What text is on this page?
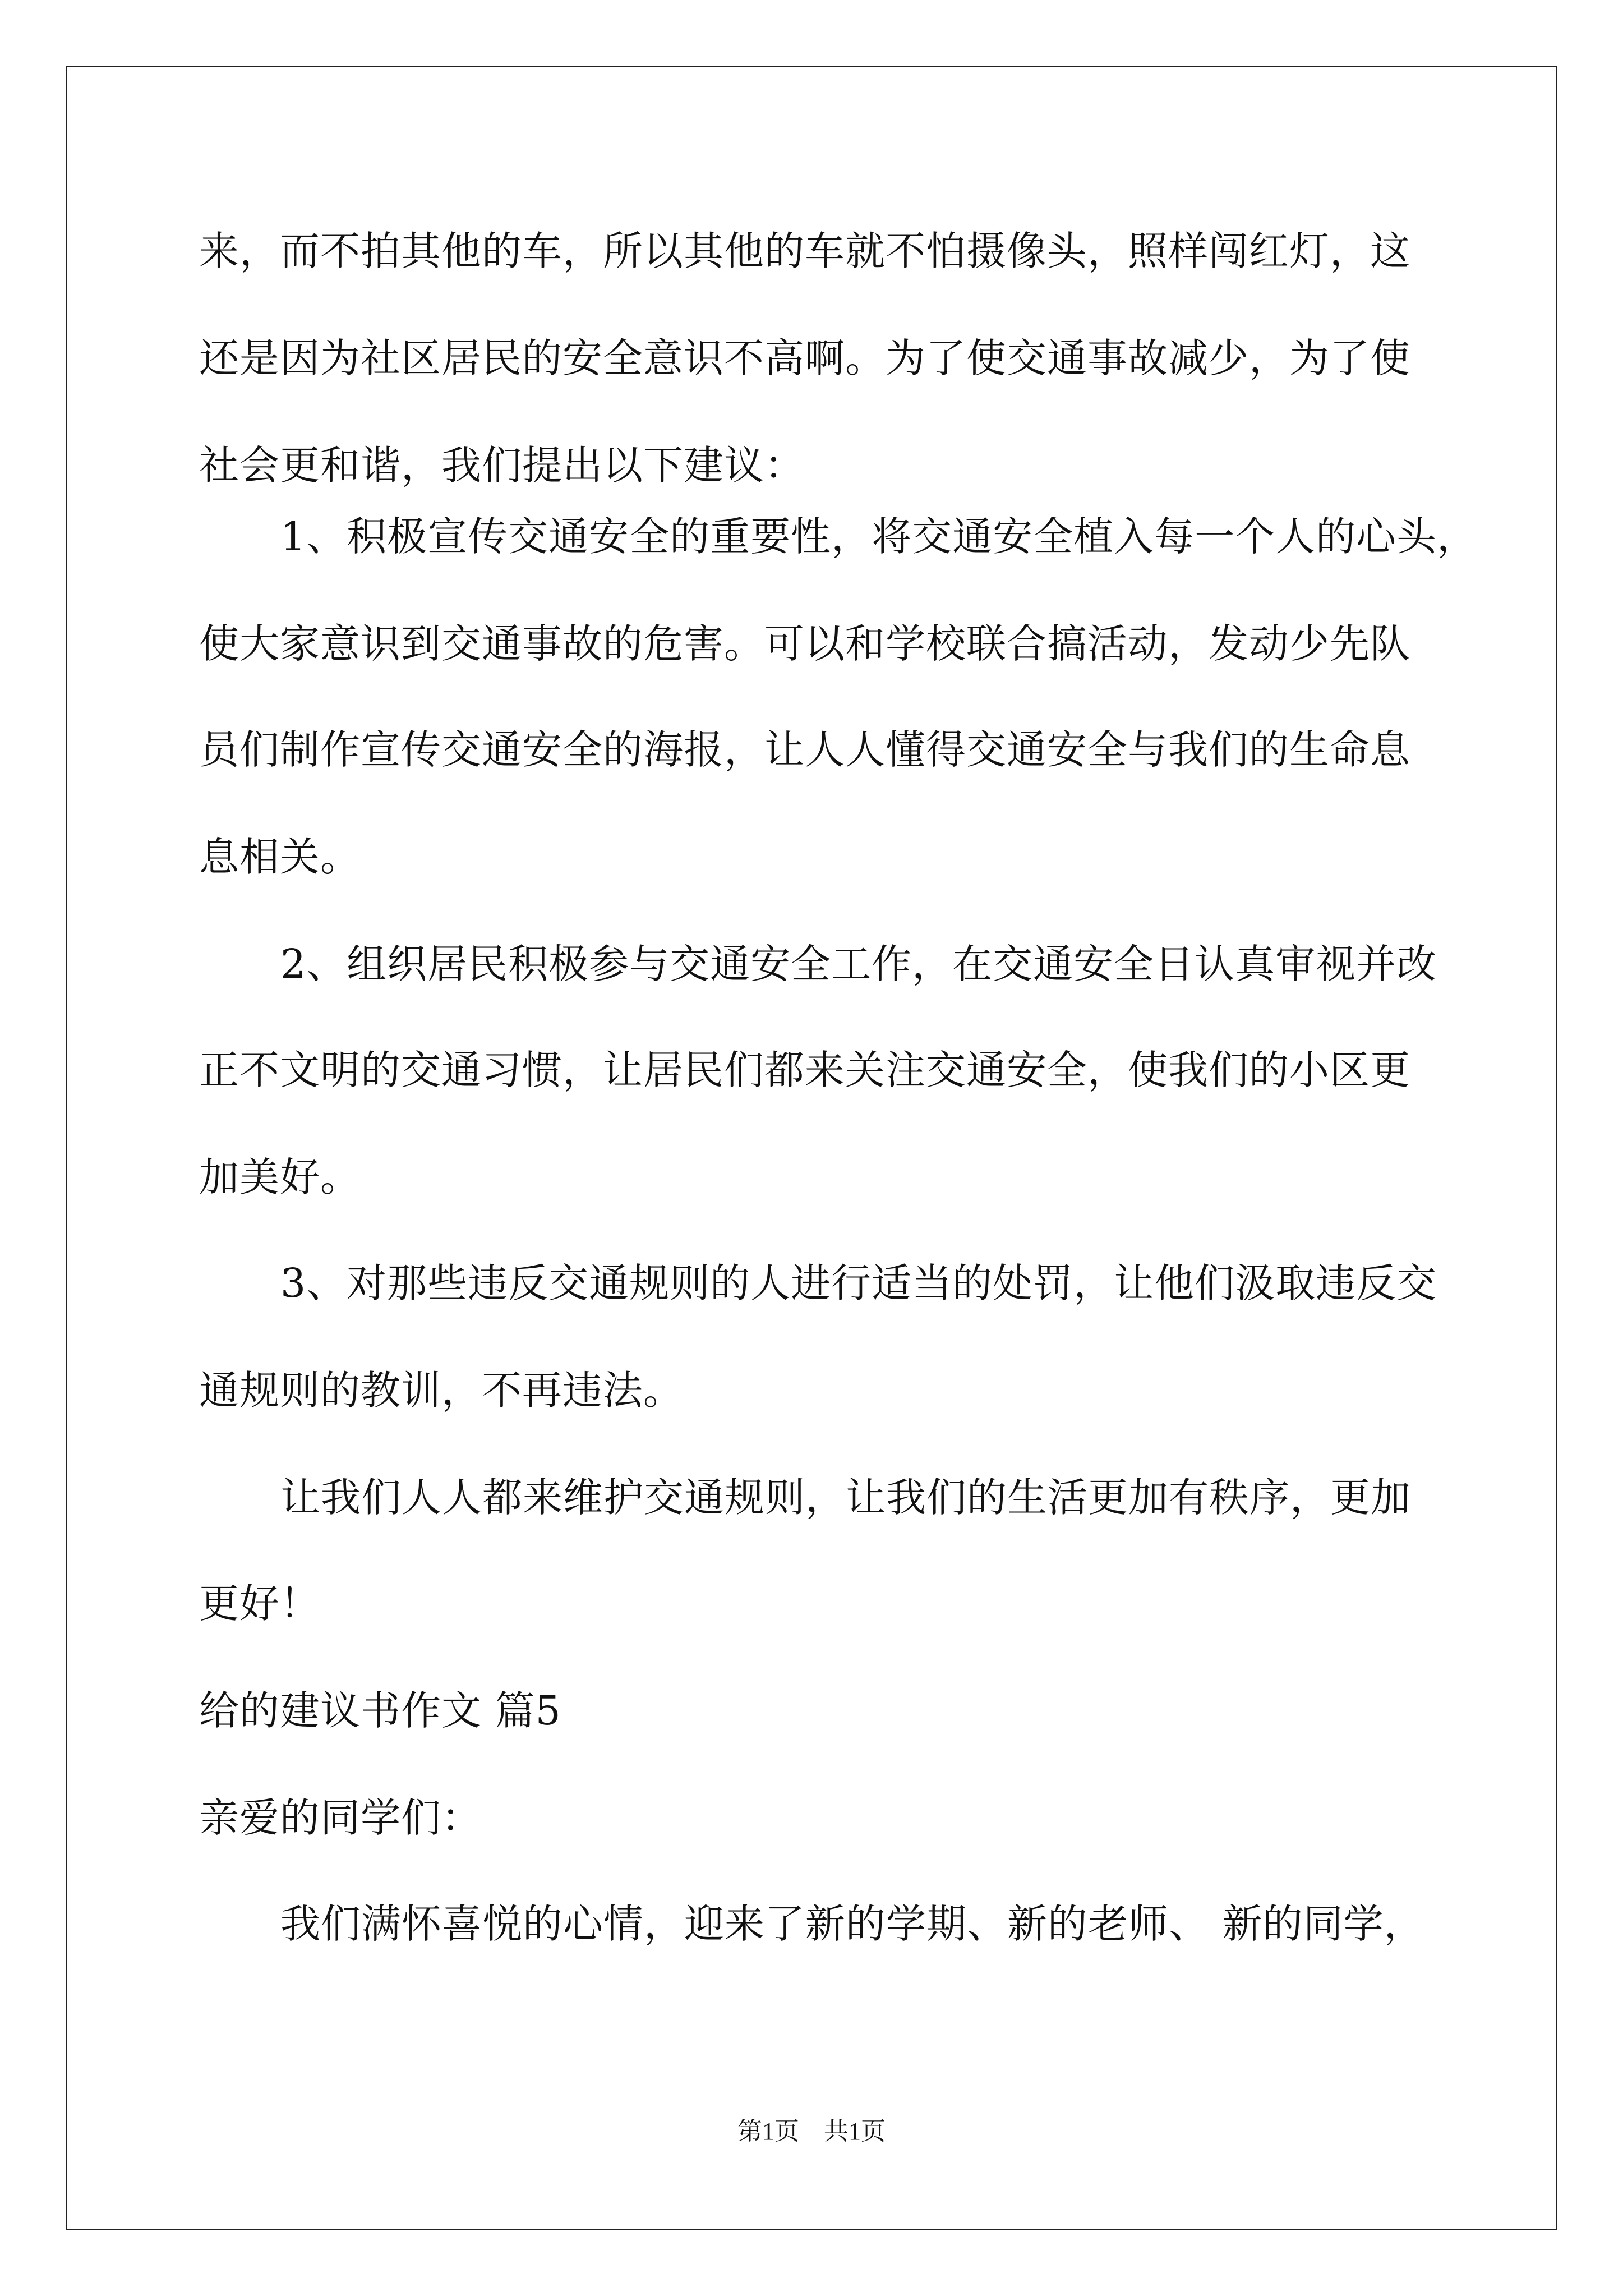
来，而不拍其他的车，所以其他的车就不怕摄像头，照样闯红灯，这
还是因为社区居民的安全意识不高啊。为了使交通事故减少，为了使
社会更和谐，我们提出以下建议：
1、积极宣传交通安全的重要性，将交通安全植入每一个人的心头，
使大家意识到交通事故的危害。可以和学校联合搞活动，发动少先队
员们制作宣传交通安全的海报，让人人懂得交通安全与我们的生命息
息相关。
2、组织居民积极参与交通安全工作，在交通安全日认真审视并改
正不文明的交通习惯，让居民们都来关注交通安全，使我们的小区更
加美好。
3、对那些违反交通规则的人进行适当的处罚，让他们汲取违反交
通规则的教训，不再违法。
让我们人人都来维护交通规则，让我们的生活更加有秩序，更加
更好！
给的建议书作文 篇5
亲爱的同学们：
我们满怀喜悦的心情，迎来了新的学期、新的老师、 新的同学，
第1页 共1页
